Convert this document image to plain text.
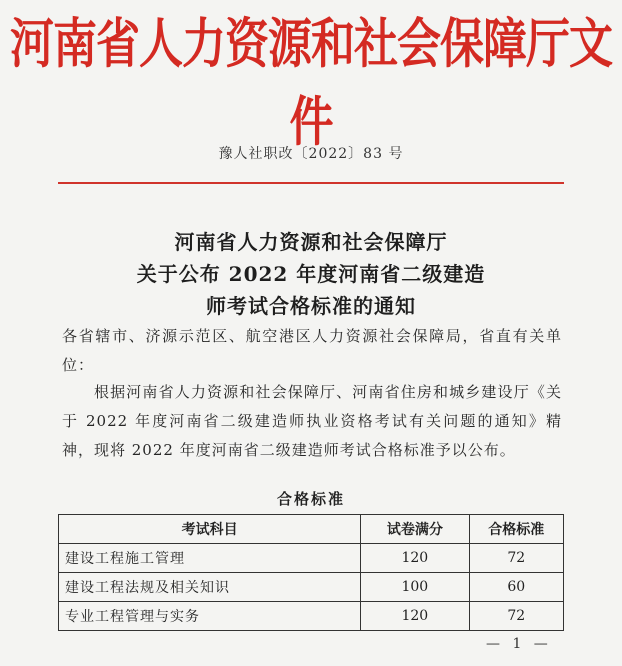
河南省人力资源和社会保障厅文件
豫人社职改〔2022〕83 号
河南省人力资源和社会保障厅
关于公布 2022 年度河南省二级建造
师考试合格标准的通知
各省辖市、济源示范区、航空港区人力资源社会保障局，省直有关单位：
根据河南省人力资源和社会保障厅、河南省住房和城乡建设厅《关于 2022 年度河南省二级建造师执业资格考试有关问题的通知》精神，现将 2022 年度河南省二级建造师考试合格标准予以公布。
合格标准
考试科目	试卷满分	合格标准
建设工程施工管理	120	72
建设工程法规及相关知识	100	60
专业工程管理与实务	120	72
— 1 —
